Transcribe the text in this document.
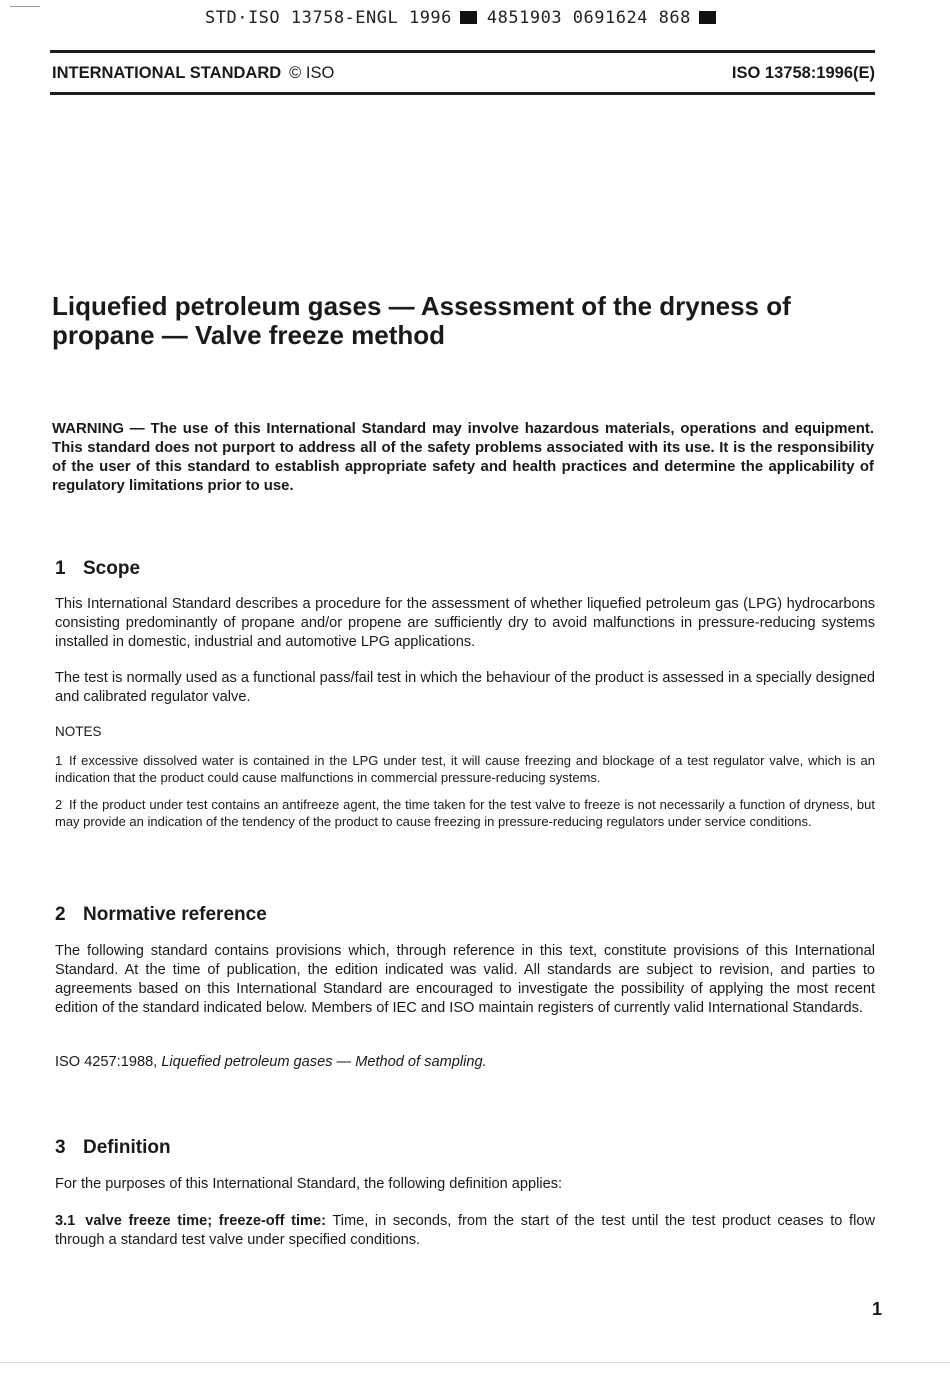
STD·ISO 13758-ENGL 1996 4851903 0691624 868
INTERNATIONAL STANDARD © ISO	ISO 13758:1996(E)
Liquefied petroleum gases — Assessment of the dryness of
propane — Valve freeze method
WARNING — The use of this International Standard may involve hazardous materials, operations and equipment. This standard does not purport to address all of the safety problems associated with its use. It is the responsibility of the user of this standard to establish appropriate safety and health practices and determine the applicability of regulatory limitations prior to use.
1 Scope
This International Standard describes a procedure for the assessment of whether liquefied petroleum gas (LPG) hydrocarbons consisting predominantly of propane and/or propene are sufficiently dry to avoid malfunctions in pressure-reducing systems installed in domestic, industrial and automotive LPG applications.
The test is normally used as a functional pass/fail test in which the behaviour of the product is assessed in a specially designed and calibrated regulator valve.
NOTES
1 If excessive dissolved water is contained in the LPG under test, it will cause freezing and blockage of a test regulator valve, which is an indication that the product could cause malfunctions in commercial pressure-reducing systems.
2 If the product under test contains an antifreeze agent, the time taken for the test valve to freeze is not necessarily a function of dryness, but may provide an indication of the tendency of the product to cause freezing in pressure-reducing regulators under service conditions.
2 Normative reference
The following standard contains provisions which, through reference in this text, constitute provisions of this International Standard. At the time of publication, the edition indicated was valid. All standards are subject to revision, and parties to agreements based on this International Standard are encouraged to investigate the possibility of applying the most recent edition of the standard indicated below. Members of IEC and ISO maintain registers of currently valid International Standards.
ISO 4257:1988, Liquefied petroleum gases — Method of sampling.
3 Definition
For the purposes of this International Standard, the following definition applies:
3.1 valve freeze time; freeze-off time: Time, in seconds, from the start of the test until the test product ceases to flow through a standard test valve under specified conditions.
1
